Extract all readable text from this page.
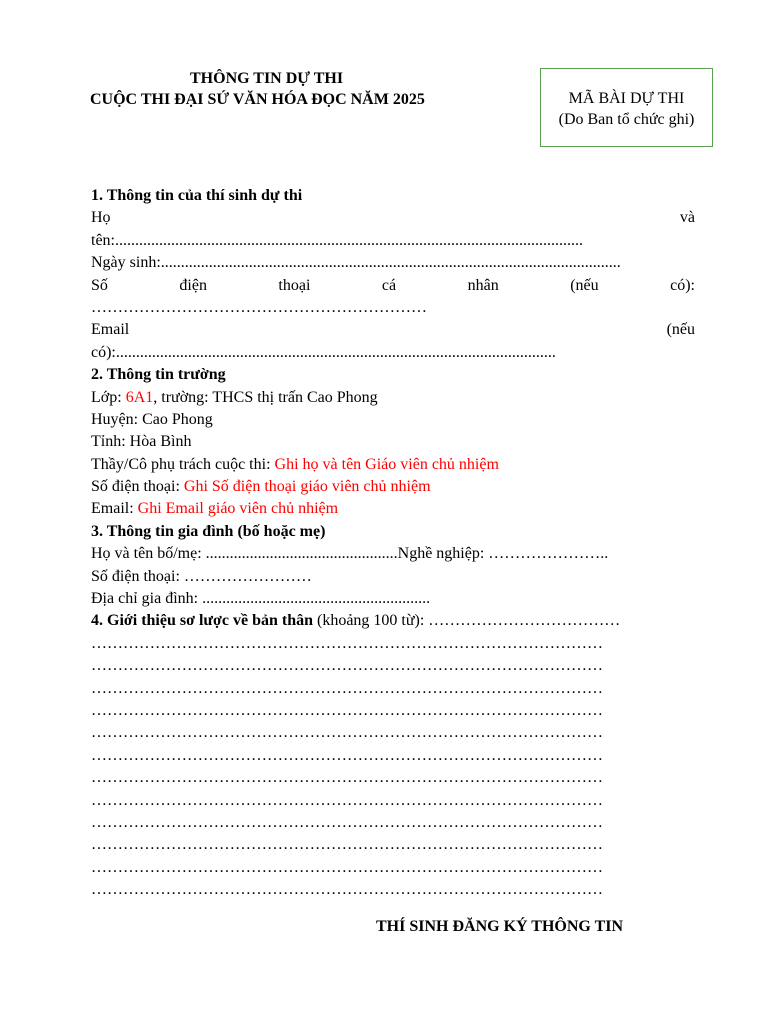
THÔNG TIN DỰ THI
CUỘC THI ĐẠI SỨ VĂN HÓA ĐỌC NĂM 2025	MÃ BÀI DỰ THI
(Do Ban tổ chức ghi)
1. Thông tin của thí sinh dự thi
Họ	và
tên:.....................................................................................................................
Ngày sinh:...................................................................................................................
Số	điện	thoại	cá	nhân	(nếu	có):
………………………………………………………
Email	(nếu
có):..............................................................................................................
2. Thông tin trường
Lớp: 6A1, trường: THCS thị trấn Cao Phong
Huyện: Cao Phong
Tỉnh: Hòa Bình
Thầy/Cô phụ trách cuộc thi: Ghi họ và tên Giáo viên chủ nhiệm
Số điện thoại: Ghi Số điện thoại giáo viên chủ nhiệm
Email: Ghi Email giáo viên chủ nhiệm
3. Thông tin gia đình (bố hoặc mẹ)
Họ và tên bố/mẹ: ................................................Nghề nghiệp: …………………..
Số điện thoại: ……………………
Địa chỉ gia đình: .........................................................
4. Giới thiệu sơ lược về bản thân (khoảng 100 từ): ………………………………
……………………………………………………………………………………
……………………………………………………………………………………
……………………………………………………………………………………
……………………………………………………………………………………
……………………………………………………………………………………
……………………………………………………………………………………
……………………………………………………………………………………
……………………………………………………………………………………
……………………………………………………………………………………
……………………………………………………………………………………
……………………………………………………………………………………
……………………………………………………………………………………
THÍ SINH ĐĂNG KÝ THÔNG TIN
